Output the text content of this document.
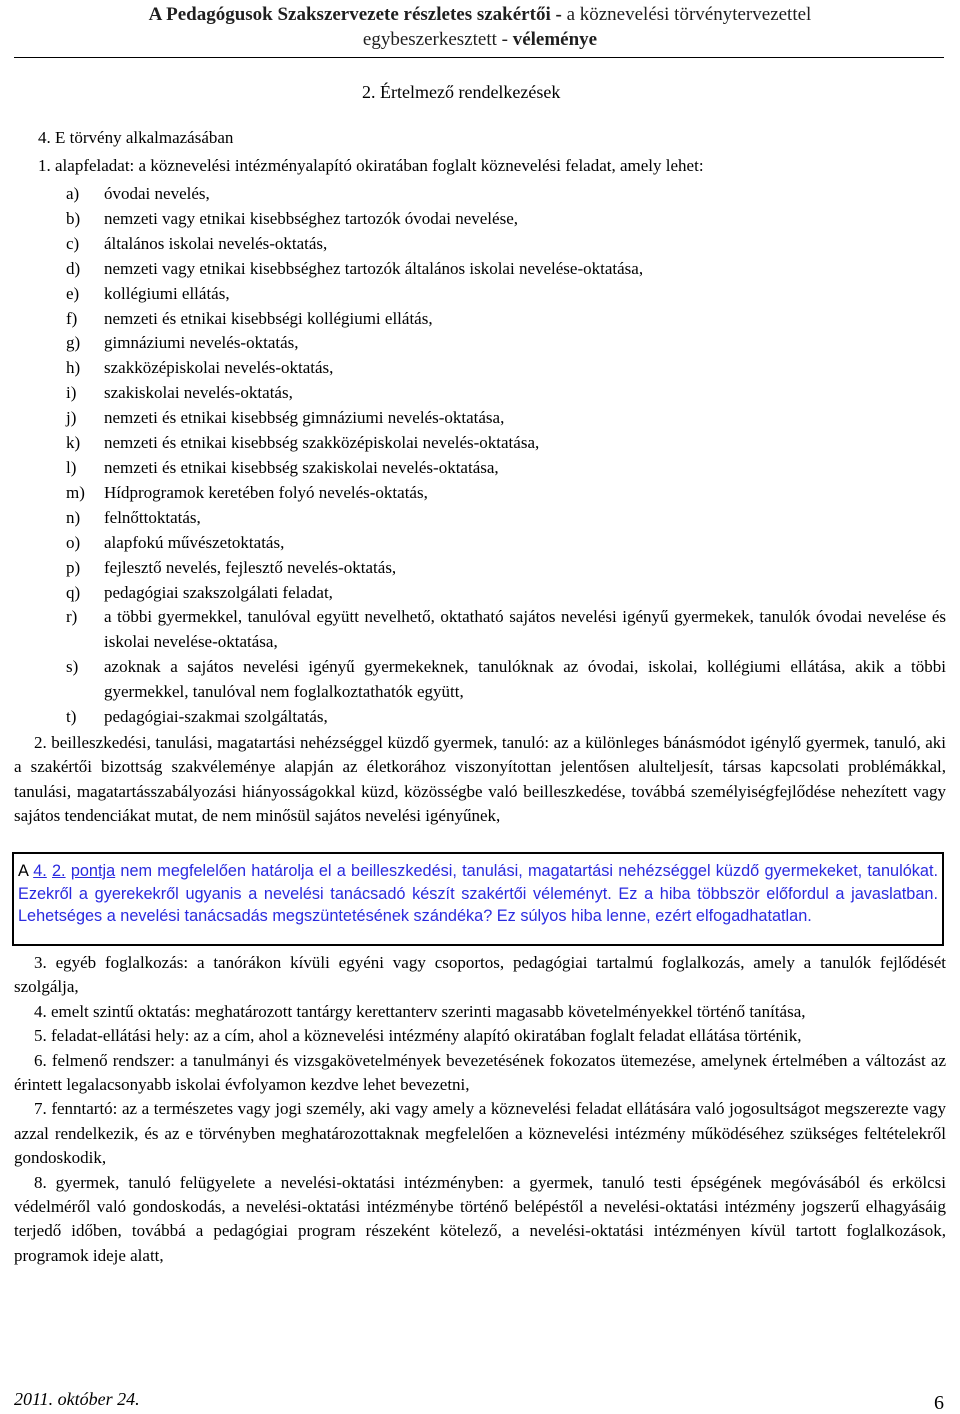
A Pedagógusok Szakszervezete részletes szakértői - a köznevelési törvénytervezettel
egybeszerkesztett - véleménye
2. Értelmező rendelkezések
4. E törvény alkalmazásában
1. alapfeladat: a köznevelési intézményalapító okiratában foglalt köznevelési feladat, amely lehet:
a) óvodai nevelés,
b) nemzeti vagy etnikai kisebbséghez tartozók óvodai nevelése,
c) általános iskolai nevelés-oktatás,
d) nemzeti vagy etnikai kisebbséghez tartozók általános iskolai nevelése-oktatása,
e) kollégiumi ellátás,
f) nemzeti és etnikai kisebbségi kollégiumi ellátás,
g) gimnáziumi nevelés-oktatás,
h) szakközépiskolai nevelés-oktatás,
i) szakiskolai nevelés-oktatás,
j) nemzeti és etnikai kisebbség gimnáziumi nevelés-oktatása,
k) nemzeti és etnikai kisebbség szakközépiskolai nevelés-oktatása,
l) nemzeti és etnikai kisebbség szakiskolai nevelés-oktatása,
m) Hídprogramok keretében folyó nevelés-oktatás,
n) felnőttoktatás,
o) alapfokú művészetoktatás,
p) fejlesztő nevelés, fejlesztő nevelés-oktatás,
q) pedagógiai szakszolgálati feladat,
r) a többi gyermekkel, tanulóval együtt nevelhető, oktatható sajátos nevelési igényű gyermekek, tanulók óvodai nevelése és iskolai nevelése-oktatása,
s) azoknak a sajátos nevelési igényű gyermekeknek, tanulóknak az óvodai, iskolai, kollégiumi ellátása, akik a többi gyermekkel, tanulóval nem foglalkoztathatók együtt,
t) pedagógiai-szakmai szolgáltatás,

2. beilleszkedési, tanulási, magatartási nehézséggel küzdő gyermek, tanuló: az a különleges bánásmódot igénylő gyermek, tanuló, aki a szakértői bizottság szakvéleménye alapján az életkorához viszonyítottan jelentősen alulteljesít, társas kapcsolati problémákkal, tanulási, magatartásszabályozási hiányosságokkal küzd, közösségbe való beilleszkedése, továbbá személyiségfejlődése nehezített vagy sajátos tendenciákat mutat, de nem minősül sajátos nevelési igényűnek,

A 4. 2. pontja nem megfelelően határolja el a beilleszkedési, tanulási, magatartási nehézséggel küzdő gyermekeket, tanulókat. Ezekről a gyerekekről ugyanis a nevelési tanácsadó készít szakértői véleményt. Ez a hiba többször előfordul a javaslatban. Lehetséges a nevelési tanácsadás megszüntetésének szándéka? Ez súlyos hiba lenne, ezért elfogadhatatlan.

3. egyéb foglalkozás: a tanórákon kívüli egyéni vagy csoportos, pedagógiai tartalmú foglalkozás, amely a tanulók fejlődését szolgálja,

4. emelt szintű oktatás: meghatározott tantárgy kerettanterv szerinti magasabb követelményekkel történő tanítása,

5. feladat-ellátási hely: az a cím, ahol a köznevelési intézmény alapító okiratában foglalt feladat ellátása történik,

6. felmenő rendszer: a tanulmányi és vizsgakövetelmények bevezetésének fokozatos ütemezése, amelynek értelmében a változást az érintett legalacsonyabb iskolai évfolyamon kezdve lehet bevezetni,

7. fenntartó: az a természetes vagy jogi személy, aki vagy amely a köznevelési feladat ellátására való jogosultságot megszerezte vagy azzal rendelkezik, és az e törvényben meghatározottaknak megfelelően a köznevelési intézmény működéséhez szükséges feltételekről gondoskodik,

8. gyermek, tanuló felügyelete a nevelési-oktatási intézményben: a gyermek, tanuló testi épségének megóvásából és erkölcsi védelméről való gondoskodás, a nevelési-oktatási intézménybe történő belépéstől a nevelési-oktatási intézmény jogszerű elhagyásáig terjedő időben, továbbá a pedagógiai program részeként kötelező, a nevelési-oktatási intézményen kívül tartott foglalkozások, programok ideje alatt,

2011. október 24.	6
